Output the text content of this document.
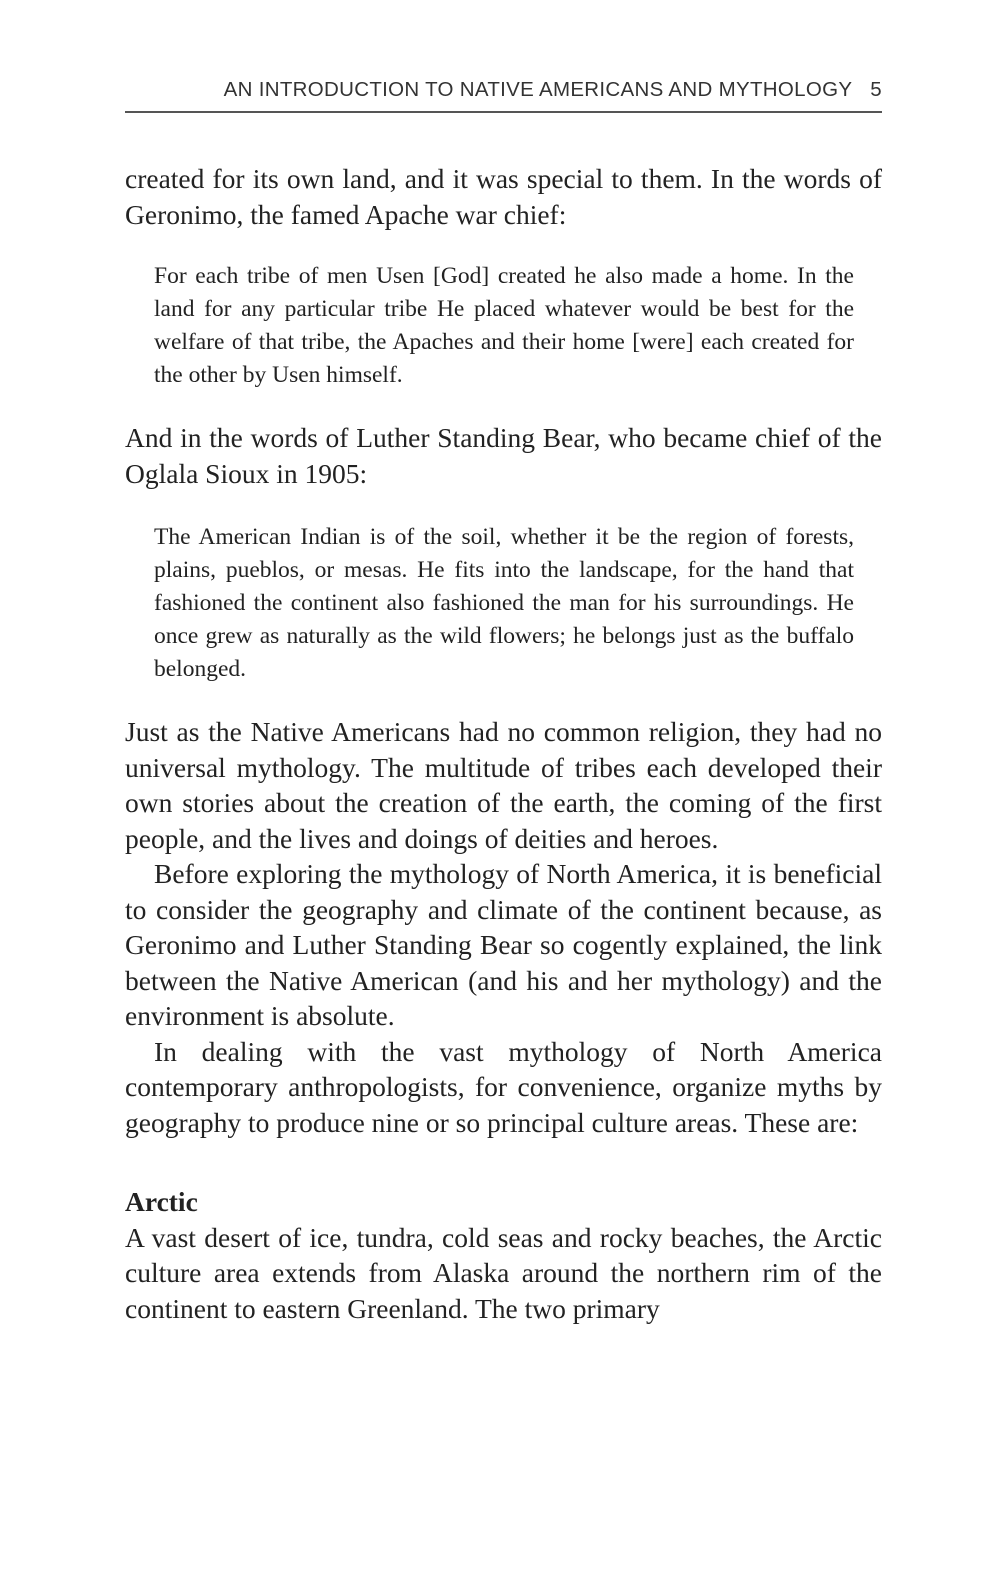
AN INTRODUCTION TO NATIVE AMERICANS AND MYTHOLOGY 5

created for its own land, and it was special to them. In the words of Geronimo, the famed Apache war chief:

For each tribe of men Usen [God] created he also made a home. In the land for any particular tribe He placed whatever would be best for the welfare of that tribe, the Apaches and their home [were] each created for the other by Usen himself.

And in the words of Luther Standing Bear, who became chief of the Oglala Sioux in 1905:

The American Indian is of the soil, whether it be the region of forests, plains, pueblos, or mesas. He fits into the landscape, for the hand that fashioned the continent also fashioned the man for his surroundings. He once grew as naturally as the wild flowers; he belongs just as the buffalo belonged.

Just as the Native Americans had no common religion, they had no universal mythology. The multitude of tribes each developed their own stories about the creation of the earth, the coming of the first people, and the lives and doings of deities and heroes.

Before exploring the mythology of North America, it is beneficial to consider the geography and climate of the continent because, as Geronimo and Luther Standing Bear so cogently explained, the link between the Native American (and his and her mythology) and the environment is absolute.

In dealing with the vast mythology of North America contemporary anthropologists, for convenience, organize myths by geography to produce nine or so principal culture areas. These are:

Arctic

A vast desert of ice, tundra, cold seas and rocky beaches, the Arctic culture area extends from Alaska around the northern rim of the continent to eastern Greenland. The two primary
